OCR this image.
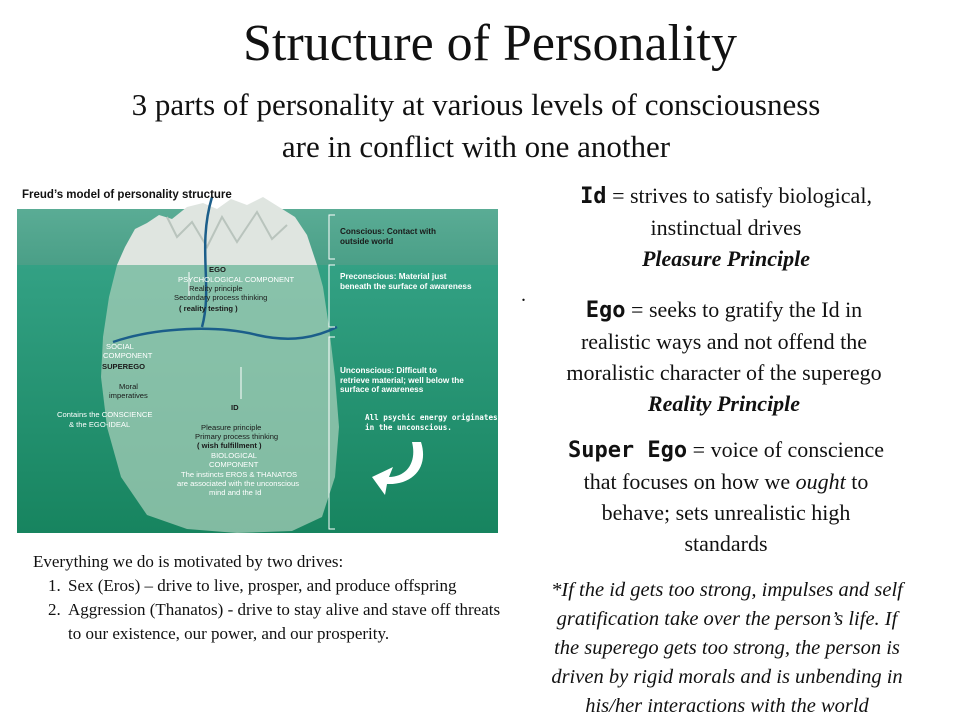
Structure of Personality
3 parts of personality at various levels of consciousness
are in conflict with one another
Freud’s model of personality structure
EGO
PSYCHOLOGICAL COMPONENT
Reality principle
Secondary process thinking
( reality testing )
SOCIAL
COMPONENT
SUPEREGO
Moral
imperatives
Contains the CONSCIENCE
& the EGO-IDEAL
ID
Pleasure principle
Primary process thinking
( wish fulfillment )
BIOLOGICAL
COMPONENT
The instincts EROS & THANATOS
are associated with the unconscious
mind and the Id
Conscious: Contact with
outside world
Preconscious: Material just
beneath the surface of awareness
Unconscious: Difficult to
retrieve material; well below the
surface of awareness
All psychic energy originates
in the unconscious.
Id = strives to satisfy biological,
instinctual drives
Pleasure Principle
.
Ego = seeks to gratify the Id in
realistic ways and not offend the
moralistic character of the superego
Reality Principle
Super Ego = voice of conscience
that focuses on how we ought to
behave; sets unrealistic high
standards
*If the id gets too strong, impulses and self
gratification take over the person’s life. If
the superego gets too strong, the person is
driven by rigid morals and is unbending in
his/her interactions with the world
Everything we do is motivated by two drives:
1. Sex (Eros) – drive to live, prosper, and produce offspring
2. Aggression (Thanatos) - drive to stay alive and stave off threats to our existence, our power, and our prosperity.
